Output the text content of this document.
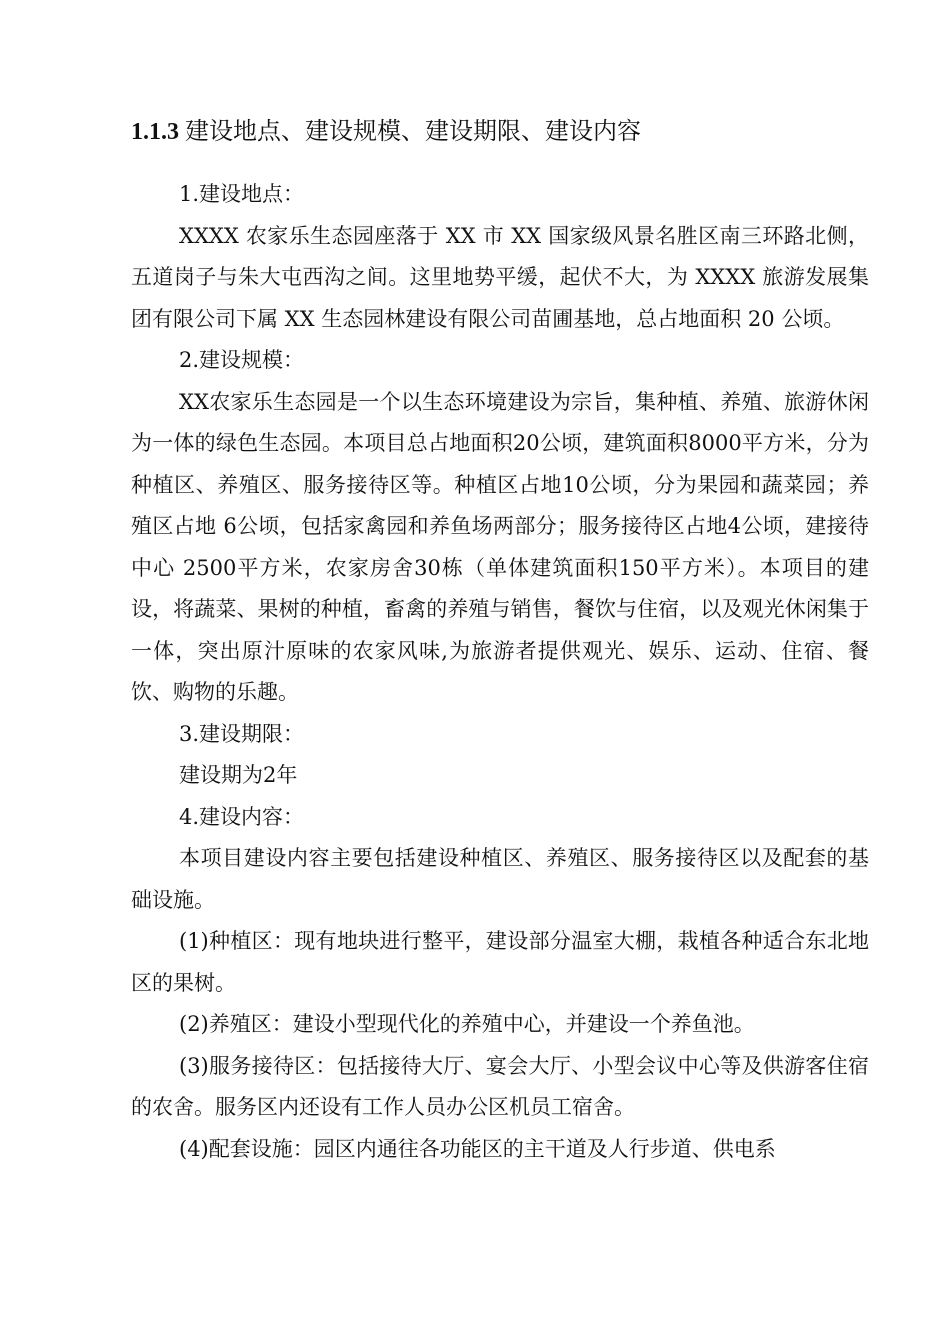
1.1.3 建设地点、建设规模、建设期限、建设内容

1.建设地点：

XXXX 农家乐生态园座落于 XX 市 XX 国家级风景名胜区南三环路北侧，五道岗子与朱大屯西沟之间。这里地势平缓，起伏不大，为 XXXX 旅游发展集团有限公司下属 XX 生态园林建设有限公司苗圃基地，总占地面积 20 公顷。

2.建设规模：

XX农家乐生态园是一个以生态环境建设为宗旨，集种植、养殖、旅游休闲为一体的绿色生态园。本项目总占地面积20公顷，建筑面积8000平方米，分为种植区、养殖区、服务接待区等。种植区占地10公顷，分为果园和蔬菜园；养殖区占地 6公顷，包括家禽园和养鱼场两部分；服务接待区占地4公顷，建接待中心 2500平方米，农家房舍30栋（单体建筑面积150平方米）。本项目的建设，将蔬菜、果树的种植，畜禽的养殖与销售，餐饮与住宿，以及观光休闲集于一体，突出原汁原味的农家风味,为旅游者提供观光、娱乐、运动、住宿、餐饮、购物的乐趣。

3.建设期限：

建设期为2年

4.建设内容：

本项目建设内容主要包括建设种植区、养殖区、服务接待区以及配套的基础设施。

(1)种植区：现有地块进行整平，建设部分温室大棚，栽植各种适合东北地区的果树。

(2)养殖区：建设小型现代化的养殖中心，并建设一个养鱼池。

(3)服务接待区：包括接待大厅、宴会大厅、小型会议中心等及供游客住宿的农舍。服务区内还设有工作人员办公区机员工宿舍。

(4)配套设施：园区内通往各功能区的主干道及人行步道、供电系
